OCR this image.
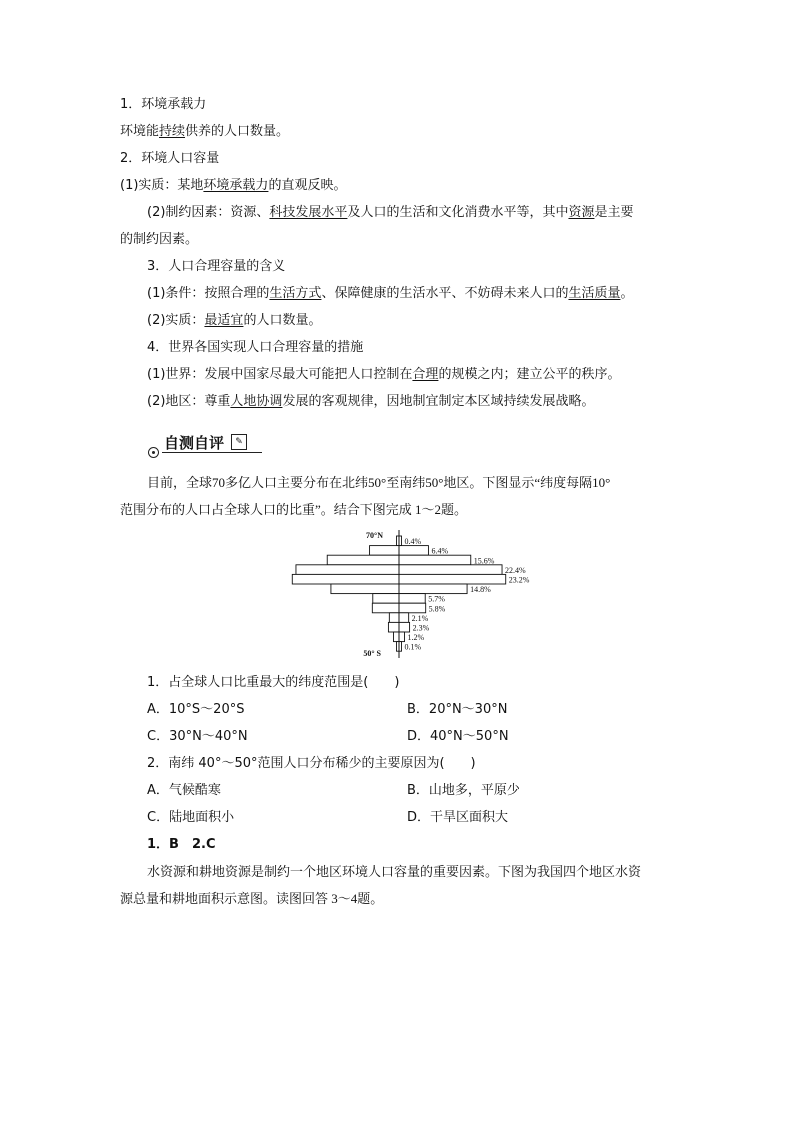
1．环境承载力
环境能持续供养的人口数量。
2．环境人口容量
(1)实质：某地环境承载力的直观反映。
(2)制约因素：资源、科技发展水平及人口的生活和文化消费水平等，其中资源是主要
的制约因素。
3．人口合理容量的含义
(1)条件：按照合理的生活方式、保障健康的生活水平、不妨碍未来人口的生活质量。
(2)实质：最适宜的人口数量。
4．世界各国实现人口合理容量的措施
(1)世界：发展中国家尽最大可能把人口控制在合理的规模之内；建立公平的秩序。
(2)地区：尊重人地协调发展的客观规律，因地制宜制定本区域持续发展战略。
自测自评	✎
目前，全球70多亿人口主要分布在北纬50°至南纬50°地区。下图显示“纬度每隔10°
范围分布的人口占全球人口的比重”。结合下图完成 1～2题。
70°N
50° S
0.4%
6.4%
15.6%
22.4%
23.2%
14.8%
5.7%
5.8%
2.1%
2.3%
1.2%
0.1%
1．占全球人口比重最大的纬度范围是(　　)
A．10°S～20°S	B．20°N～30°N
C．30°N～40°N	D．40°N～50°N
2．南纬 40°～50°范围人口分布稀少的主要原因为(　　)
A．气候酷寒	B．山地多，平原少
C．陆地面积小	D．干旱区面积大
1．B　2.C
水资源和耕地资源是制约一个地区环境人口容量的重要因素。下图为我国四个地区水资
源总量和耕地面积示意图。读图回答 3～4题。
